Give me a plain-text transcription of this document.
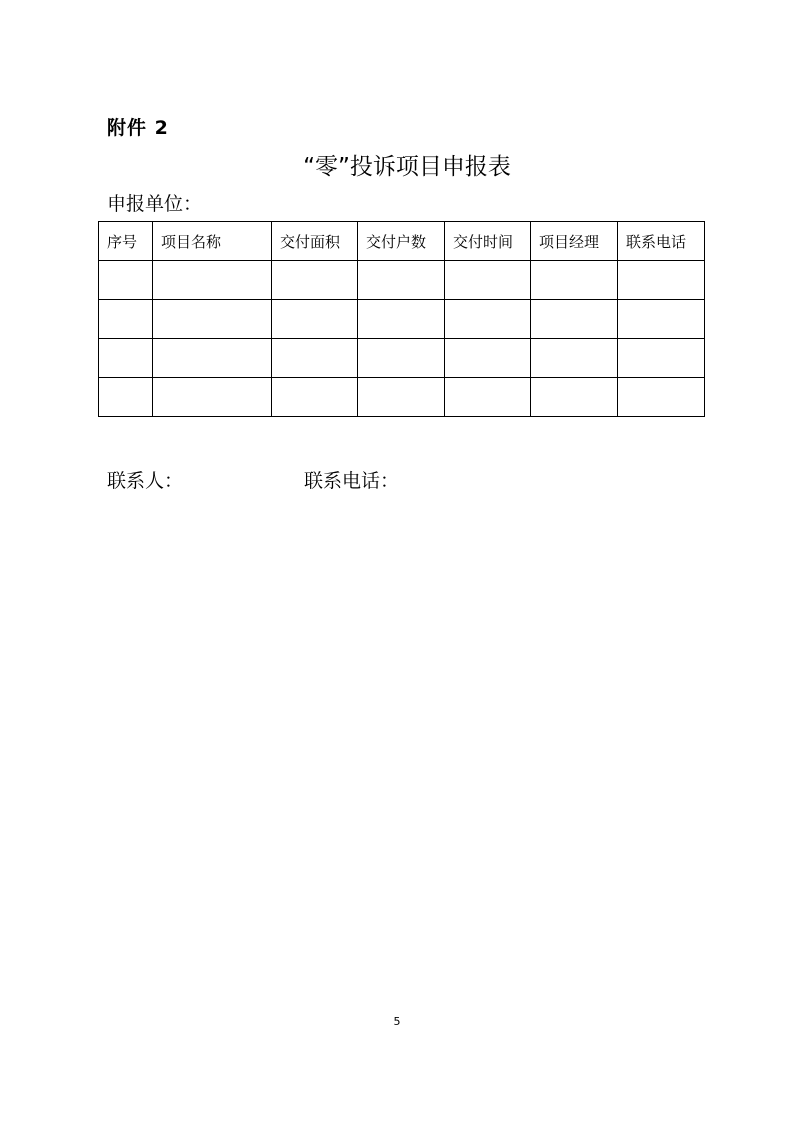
附件 2
“零”投诉项目申报表
申报单位：
序号	项目名称	交付面积	交付户数	交付时间	项目经理	联系电话

联系人：	联系电话：
5
